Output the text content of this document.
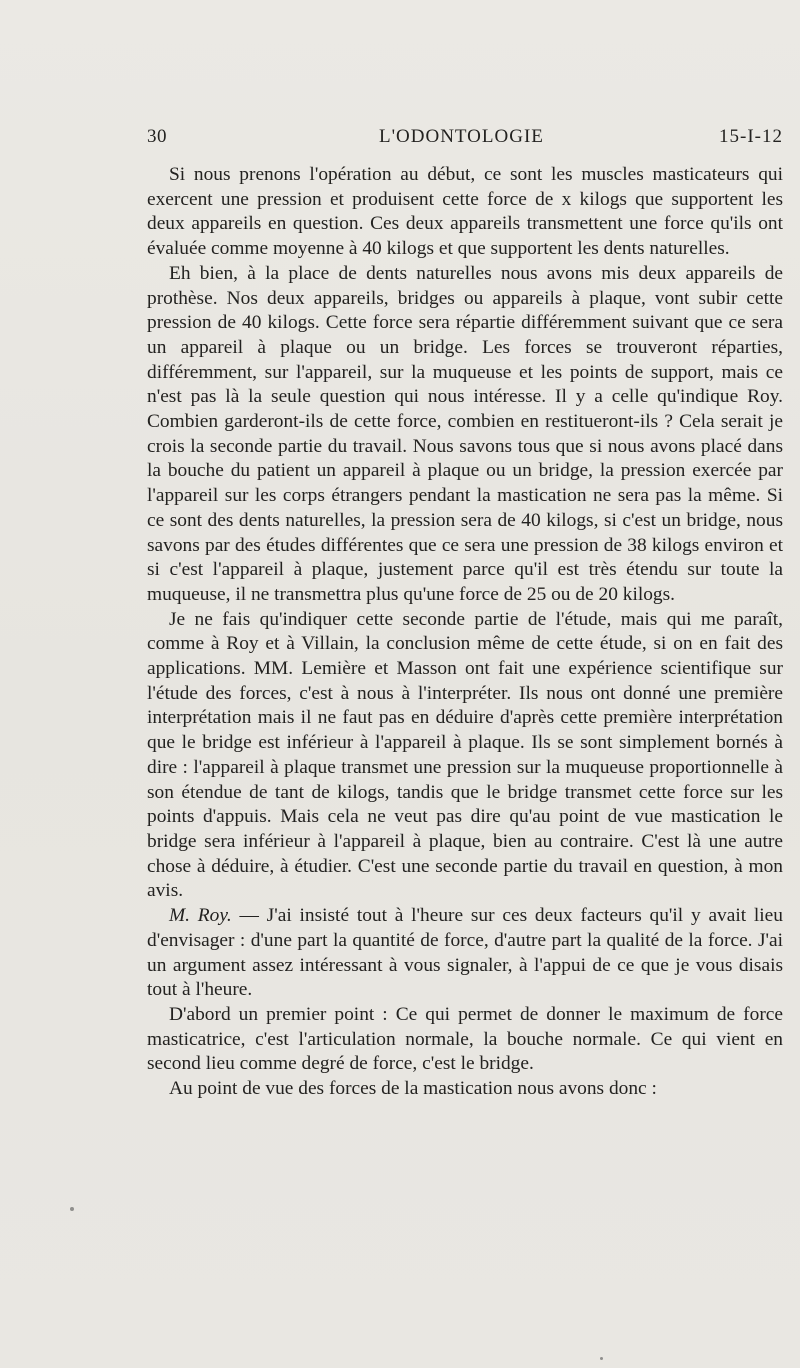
30	L'ODONTOLOGIE	15-I-12

Si nous prenons l'opération au début, ce sont les muscles masticateurs qui exercent une pression et produisent cette force de x kilogs que supportent les deux appareils en question. Ces deux appareils transmettent une force qu'ils ont évaluée comme moyenne à 40 kilogs et que supportent les dents naturelles.

Eh bien, à la place de dents naturelles nous avons mis deux appareils de prothèse. Nos deux appareils, bridges ou appareils à plaque, vont subir cette pression de 40 kilogs. Cette force sera répartie différemment suivant que ce sera un appareil à plaque ou un bridge. Les forces se trouveront réparties, différemment, sur l'appareil, sur la muqueuse et les points de support, mais ce n'est pas là la seule question qui nous intéresse. Il y a celle qu'indique Roy. Combien garderont-ils de cette force, combien en restitueront-ils ? Cela serait je crois la seconde partie du travail. Nous savons tous que si nous avons placé dans la bouche du patient un appareil à plaque ou un bridge, la pression exercée par l'appareil sur les corps étrangers pendant la mastication ne sera pas la même. Si ce sont des dents naturelles, la pression sera de 40 kilogs, si c'est un bridge, nous savons par des études différentes que ce sera une pression de 38 kilogs environ et si c'est l'appareil à plaque, justement parce qu'il est très étendu sur toute la muqueuse, il ne transmettra plus qu'une force de 25 ou de 20 kilogs.

Je ne fais qu'indiquer cette seconde partie de l'étude, mais qui me paraît, comme à Roy et à Villain, la conclusion même de cette étude, si on en fait des applications. MM. Lemière et Masson ont fait une expérience scientifique sur l'étude des forces, c'est à nous à l'interpréter. Ils nous ont donné une première interprétation mais il ne faut pas en déduire d'après cette première interprétation que le bridge est inférieur à l'appareil à plaque. Ils se sont simplement bornés à dire : l'appareil à plaque transmet une pression sur la muqueuse proportionnelle à son étendue de tant de kilogs, tandis que le bridge transmet cette force sur les points d'appuis. Mais cela ne veut pas dire qu'au point de vue mastication le bridge sera inférieur à l'appareil à plaque, bien au contraire. C'est là une autre chose à déduire, à étudier. C'est une seconde partie du travail en question, à mon avis.

M. Roy. — J'ai insisté tout à l'heure sur ces deux facteurs qu'il y avait lieu d'envisager : d'une part la quantité de force, d'autre part la qualité de la force. J'ai un argument assez intéressant à vous signaler, à l'appui de ce que je vous disais tout à l'heure.

D'abord un premier point : Ce qui permet de donner le maximum de force masticatrice, c'est l'articulation normale, la bouche normale. Ce qui vient en second lieu comme degré de force, c'est le bridge.

Au point de vue des forces de la mastication nous avons donc :
